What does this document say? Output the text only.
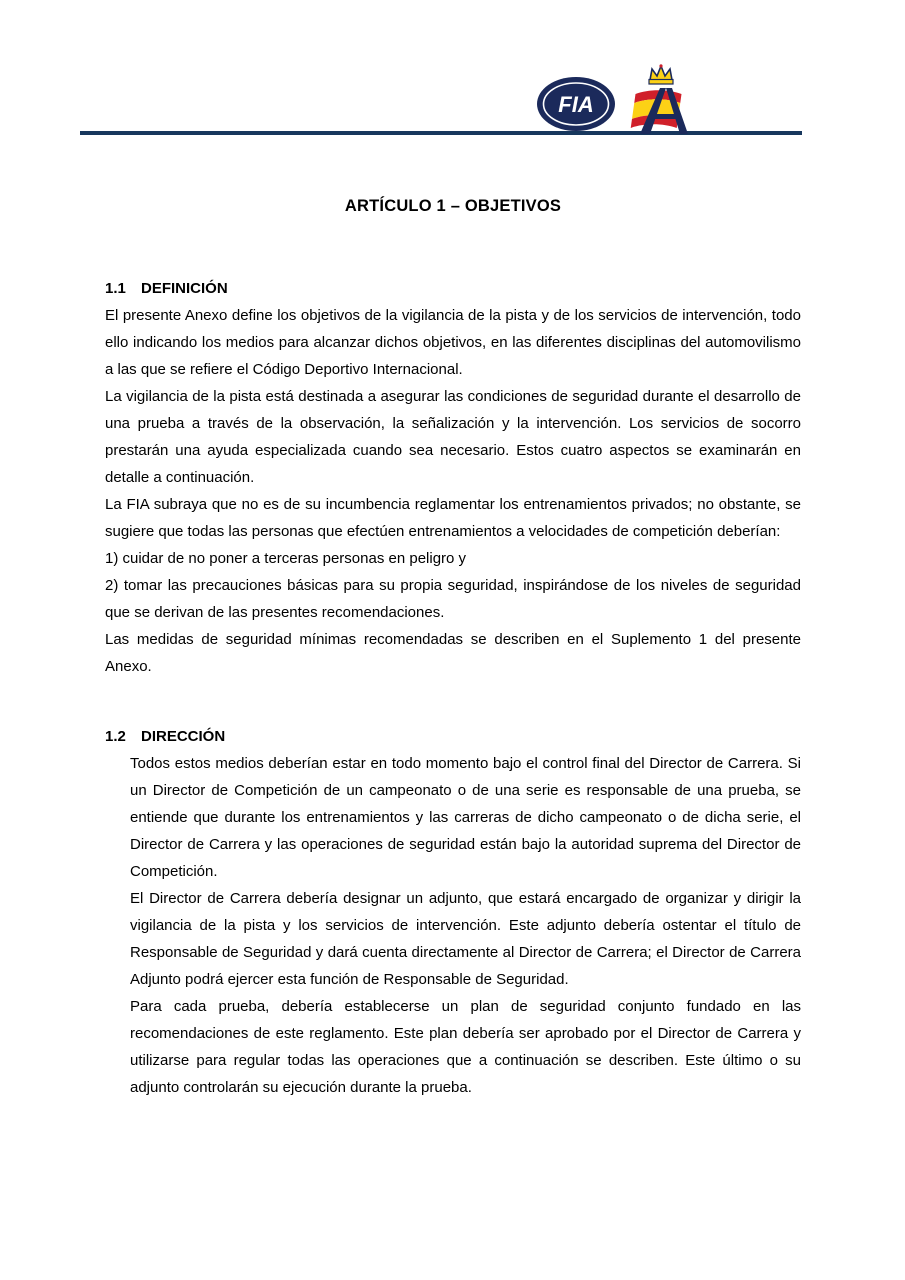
FIA
ARTÍCULO 1 – OBJETIVOS
1.1 DEFINICIÓN

El presente Anexo define los objetivos de la vigilancia de la pista y de los servicios de intervención, todo ello indicando los medios para alcanzar dichos objetivos, en las diferentes disciplinas del automovilismo a las que se refiere el Código Deportivo Internacional.

La vigilancia de la pista está destinada a asegurar las condiciones de seguridad durante el desarrollo de una prueba a través de la observación, la señalización y la intervención. Los servicios de socorro prestarán una ayuda especializada cuando sea necesario. Estos cuatro aspectos se examinarán en detalle a continuación.

La FIA subraya que no es de su incumbencia reglamentar los entrenamientos privados; no obstante, se sugiere que todas las personas que efectúen entrenamientos a velocidades de competición deberían:

1) cuidar de no poner a terceras personas en peligro y

2) tomar las precauciones básicas para su propia seguridad, inspirándose de los niveles de seguridad que se derivan de las presentes recomendaciones.

Las medidas de seguridad mínimas recomendadas se describen en el Suplemento 1 del presente Anexo.

1.2 DIRECCIÓN

Todos estos medios deberían estar en todo momento bajo el control final del Director de Carrera. Si un Director de Competición de un campeonato o de una serie es responsable de una prueba, se entiende que durante los entrenamientos y las carreras de dicho campeonato o de dicha serie, el Director de Carrera y las operaciones de seguridad están bajo la autoridad suprema del Director de Competición.

El Director de Carrera debería designar un adjunto, que estará encargado de organizar y dirigir la vigilancia de la pista y los servicios de intervención. Este adjunto debería ostentar el título de Responsable de Seguridad y dará cuenta directamente al Director de Carrera; el Director de Carrera Adjunto podrá ejercer esta función de Responsable de Seguridad.

Para cada prueba, debería establecerse un plan de seguridad conjunto fundado en las recomendaciones de este reglamento. Este plan debería ser aprobado por el Director de Carrera y utilizarse para regular todas las operaciones que a continuación se describen. Este último o su adjunto controlarán su ejecución durante la prueba.
